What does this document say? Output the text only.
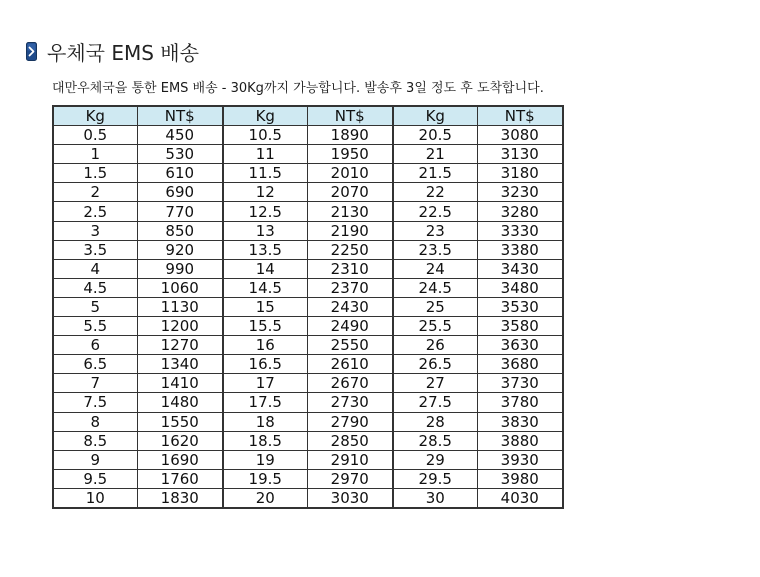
우체국 EMS 배송
대만우체국을 통한 EMS 배송 - 30Kg까지 가능합니다. 발송후 3일 정도 후 도착합니다.
Kg	NT$	Kg	NT$	Kg	NT$
0.5	450	10.5	1890	20.5	3080
1	530	11	1950	21	3130
1.5	610	11.5	2010	21.5	3180
2	690	12	2070	22	3230
2.5	770	12.5	2130	22.5	3280
3	850	13	2190	23	3330
3.5	920	13.5	2250	23.5	3380
4	990	14	2310	24	3430
4.5	1060	14.5	2370	24.5	3480
5	1130	15	2430	25	3530
5.5	1200	15.5	2490	25.5	3580
6	1270	16	2550	26	3630
6.5	1340	16.5	2610	26.5	3680
7	1410	17	2670	27	3730
7.5	1480	17.5	2730	27.5	3780
8	1550	18	2790	28	3830
8.5	1620	18.5	2850	28.5	3880
9	1690	19	2910	29	3930
9.5	1760	19.5	2970	29.5	3980
10	1830	20	3030	30	4030
